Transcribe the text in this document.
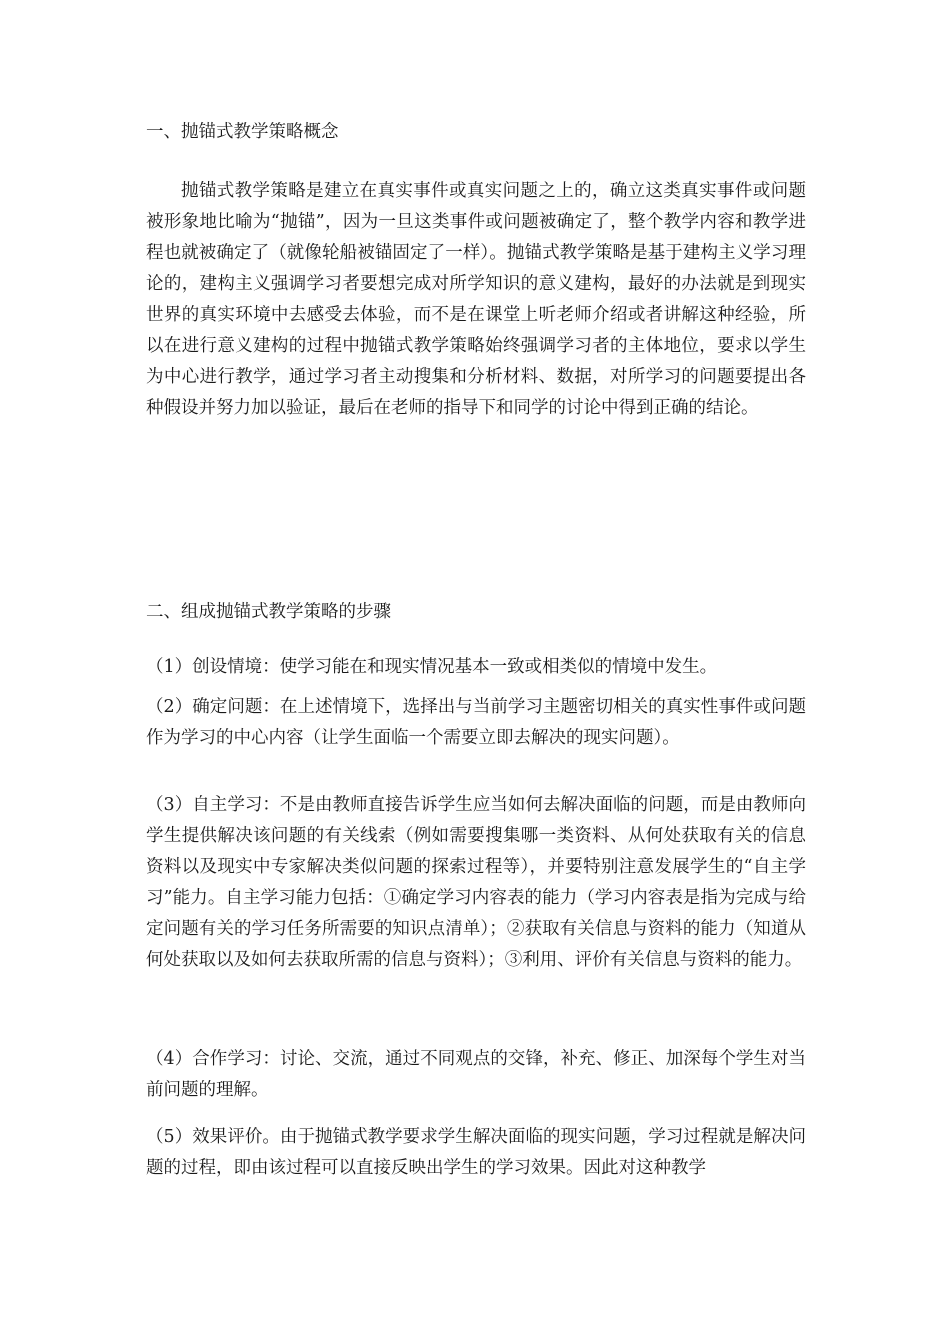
一、抛锚式教学策略概念
抛锚式教学策略是建立在真实事件或真实问题之上的，确立这类真实事件或问题被形象地比喻为“抛锚”，因为一旦这类事件或问题被确定了，整个教学内容和教学进程也就被确定了（就像轮船被锚固定了一样）。抛锚式教学策略是基于建构主义学习理论的，建构主义强调学习者要想完成对所学知识的意义建构，最好的办法就是到现实世界的真实环境中去感受去体验，而不是在课堂上听老师介绍或者讲解这种经验，所以在进行意义建构的过程中抛锚式教学策略始终强调学习者的主体地位，要求以学生为中心进行教学，通过学习者主动搜集和分析材料、数据，对所学习的问题要提出各种假设并努力加以验证，最后在老师的指导下和同学的讨论中得到正确的结论。
二、组成抛锚式教学策略的步骤
（1）创设情境：使学习能在和现实情况基本一致或相类似的情境中发生。
（2）确定问题：在上述情境下，选择出与当前学习主题密切相关的真实性事件或问题作为学习的中心内容（让学生面临一个需要立即去解决的现实问题）。
（3）自主学习：不是由教师直接告诉学生应当如何去解决面临的问题，而是由教师向学生提供解决该问题的有关线索（例如需要搜集哪一类资料、从何处获取有关的信息资料以及现实中专家解决类似问题的探索过程等），并要特别注意发展学生的“自主学习”能力。自主学习能力包括：①确定学习内容表的能力（学习内容表是指为完成与给定问题有关的学习任务所需要的知识点清单）；②获取有关信息与资料的能力（知道从何处获取以及如何去获取所需的信息与资料）；③利用、评价有关信息与资料的能力。
（4）合作学习：讨论、交流，通过不同观点的交锋，补充、修正、加深每个学生对当前问题的理解。
（5）效果评价。由于抛锚式教学要求学生解决面临的现实问题，学习过程就是解决问题的过程，即由该过程可以直接反映出学生的学习效果。因此对这种教学
